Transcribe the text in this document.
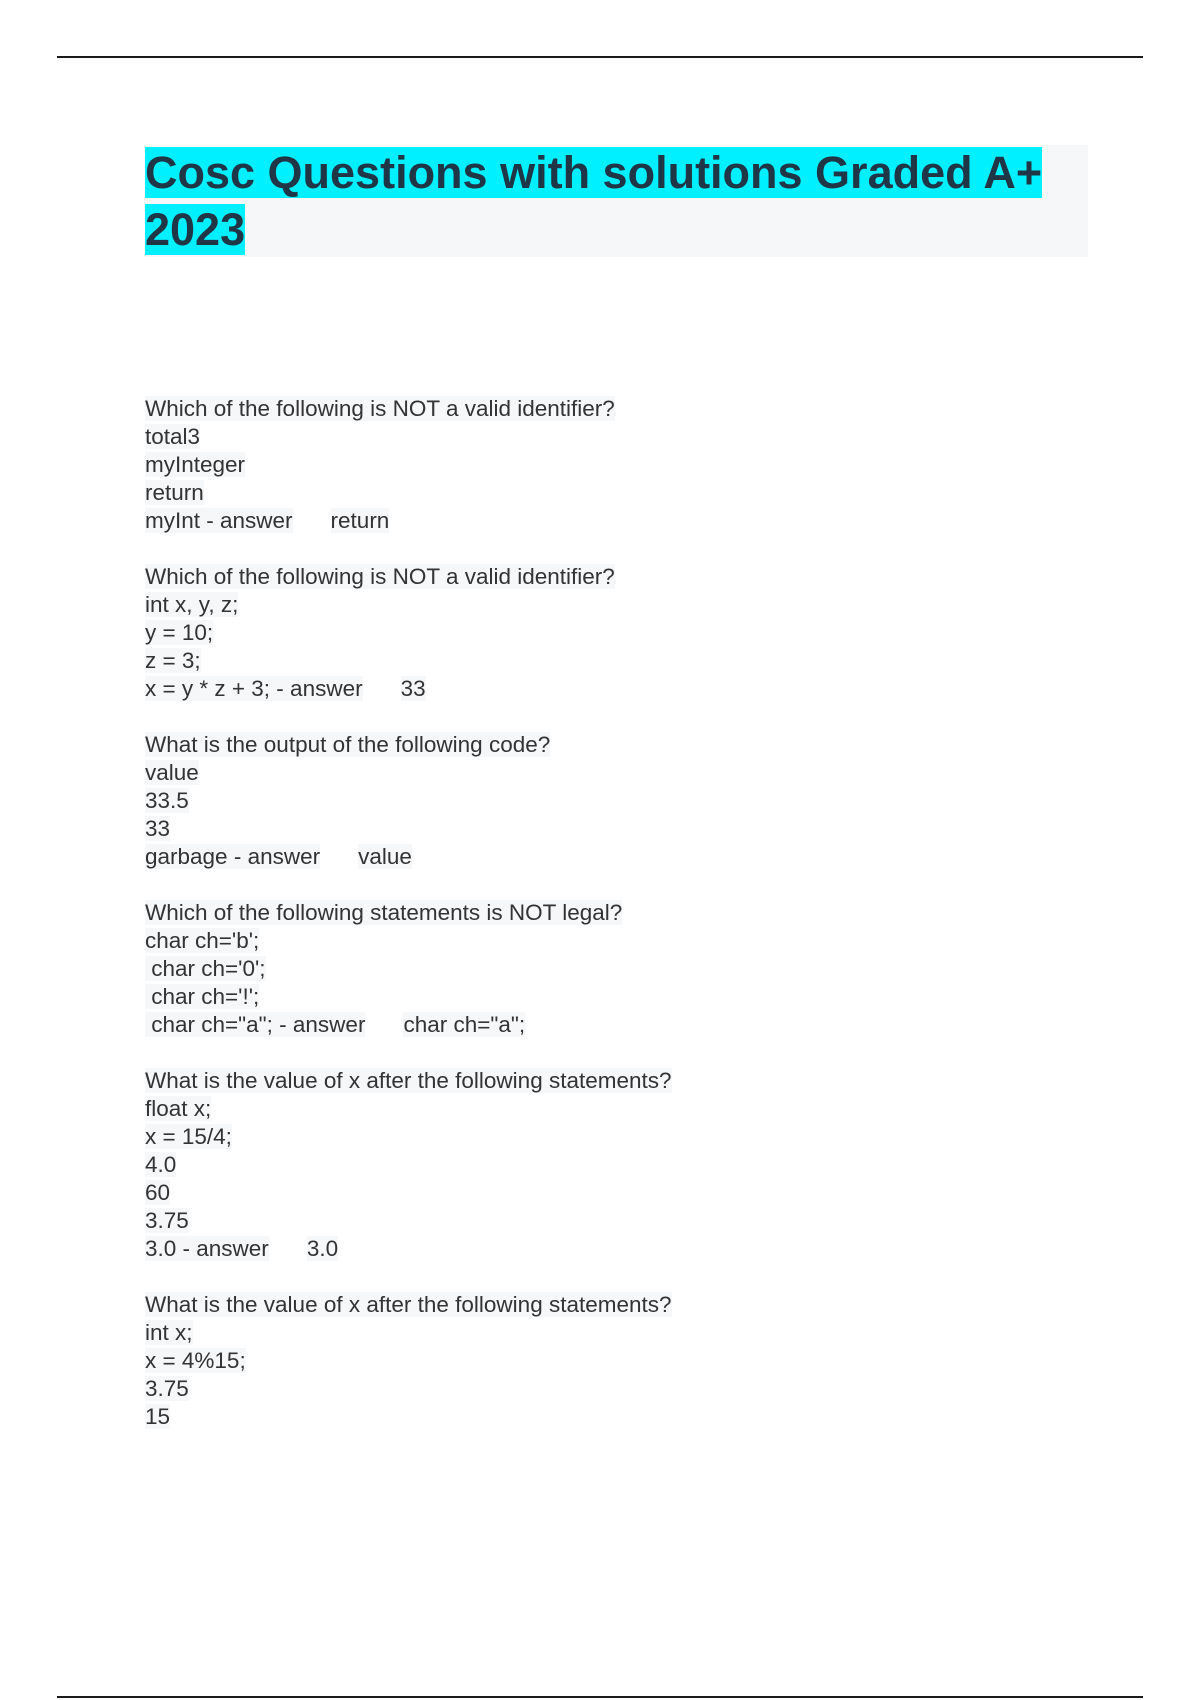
Cosc Questions with solutions Graded A+ 2023
Which of the following is NOT a valid identifier?
total3
myInteger
return
myInt - answer return
Which of the following is NOT a valid identifier?
int x, y, z;
y = 10;
z = 3;
x = y * z + 3; - answer 33
What is the output of the following code?
value
33.5
33
garbage - answer value
Which of the following statements is NOT legal?
char ch='b';
char ch='0';
char ch='!';
char ch="a"; - answer char ch="a";
What is the value of x after the following statements?
float x;
x = 15/4;
4.0
60
3.75
3.0 - answer 3.0
What is the value of x after the following statements?
int x;
x = 4%15;
3.75
15
